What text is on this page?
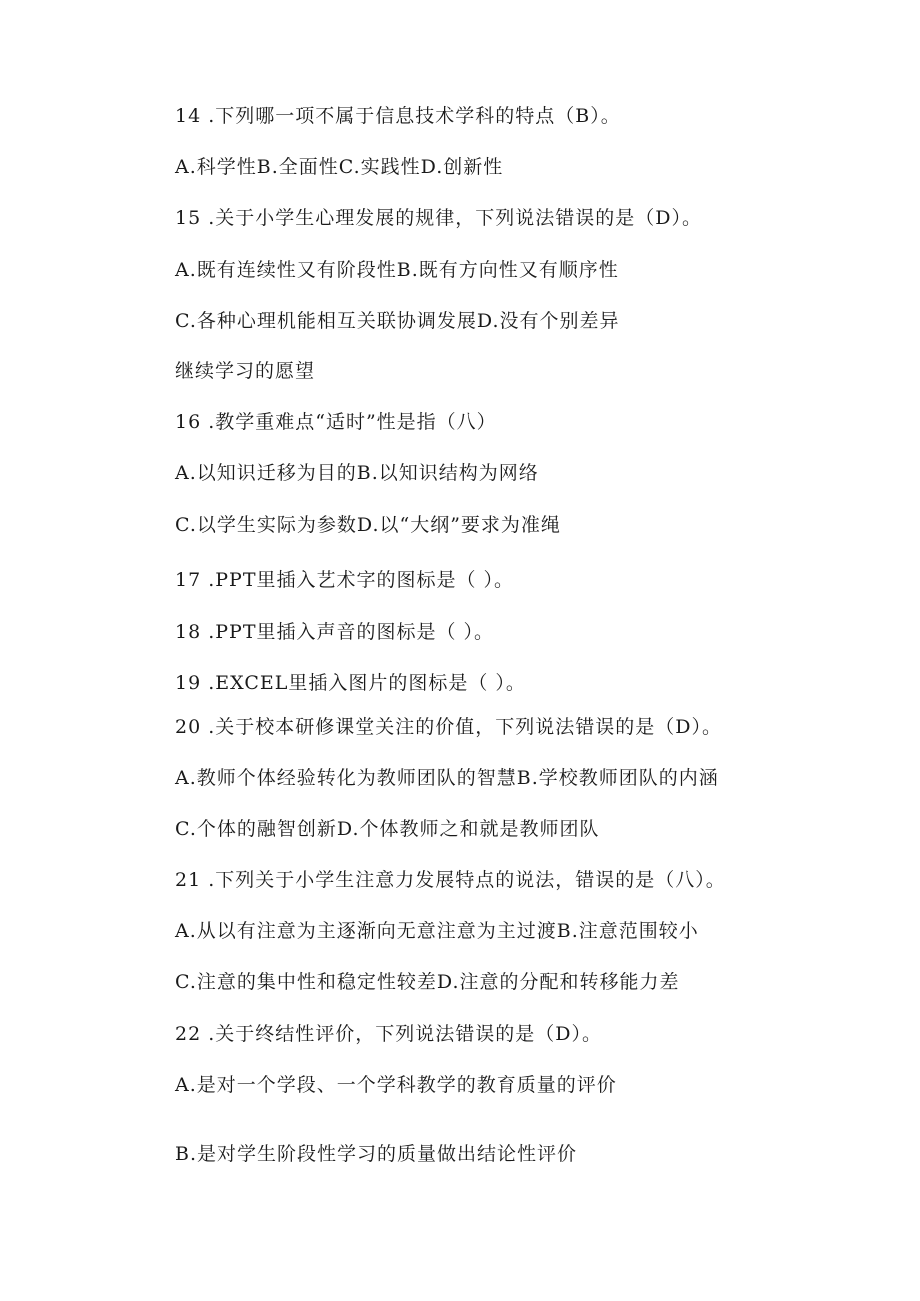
14 .下列哪一项不属于信息技术学科的特点（B）。
A.科学性B.全面性C.实践性D.创新性
15 .关于小学生心理发展的规律，下列说法错误的是（D）。
A.既有连续性又有阶段性B.既有方向性又有顺序性
C.各种心理机能相互关联协调发展D.没有个别差异
继续学习的愿望
16 .教学重难点“适时”性是指（八）
A.以知识迁移为目的B.以知识结构为网络
C.以学生实际为参数D.以“大纲”要求为准绳
17 .PPT里插入艺术字的图标是（ ）。
18 .PPT里插入声音的图标是（ ）。
19 .EXCEL里插入图片的图标是（ ）。
20 .关于校本研修课堂关注的价值，下列说法错误的是（D）。
A.教师个体经验转化为教师团队的智慧B.学校教师团队的内涵
C.个体的融智创新D.个体教师之和就是教师团队
21 .下列关于小学生注意力发展特点的说法，错误的是（八）。
A.从以有注意为主逐渐向无意注意为主过渡B.注意范围较小
C.注意的集中性和稳定性较差D.注意的分配和转移能力差
22 .关于终结性评价，下列说法错误的是（D）。
A.是对一个学段、一个学科教学的教育质量的评价
B.是对学生阶段性学习的质量做出结论性评价
